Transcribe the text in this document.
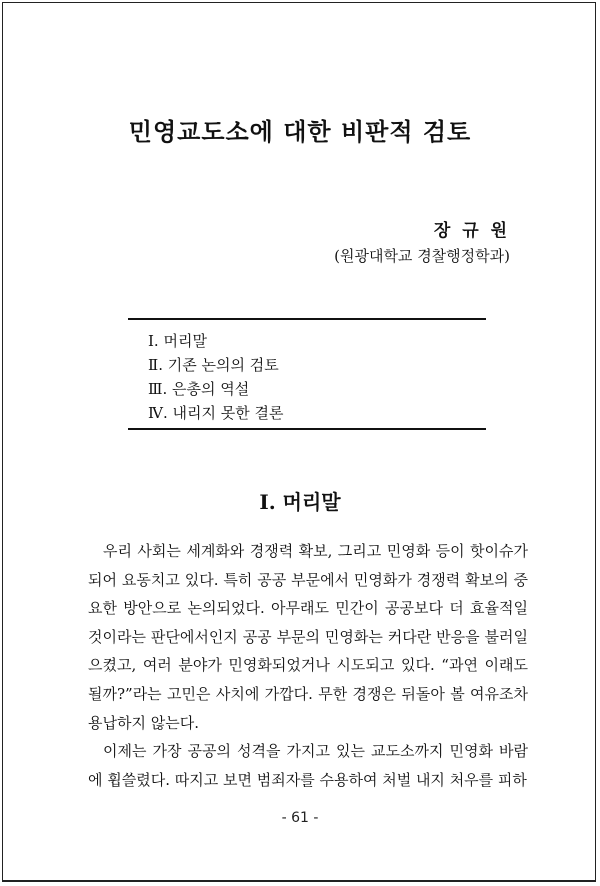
민영교도소에 대한 비판적 검토
장 규 원
(원광대학교 경찰행정학과)
Ⅰ. 머리말
Ⅱ. 기존 논의의 검토
Ⅲ. 은총의 역설
Ⅳ. 내리지 못한 결론
Ⅰ. 머리말

우리 사회는 세계화와 경쟁력 확보, 그리고 민영화 등이 핫이슈가 되어 요동치고 있다. 특히 공공 부문에서 민영화가 경쟁력 확보의 중요한 방안으로 논의되었다. 아무래도 민간이 공공보다 더 효율적일 것이라는 판단에서인지 공공 부문의 민영화는 커다란 반응을 불러일으켰고, 여러 분야가 민영화되었거나 시도되고 있다. “과연 이래도 될까?”라는 고민은 사치에 가깝다. 무한 경쟁은 뒤돌아 볼 여유조차 용납하지 않는다.

이제는 가장 공공의 성격을 가지고 있는 교도소까지 민영화 바람에 휩쓸렸다. 따지고 보면 범죄자를 수용하여 처벌 내지 처우를 피하

- 61 -
